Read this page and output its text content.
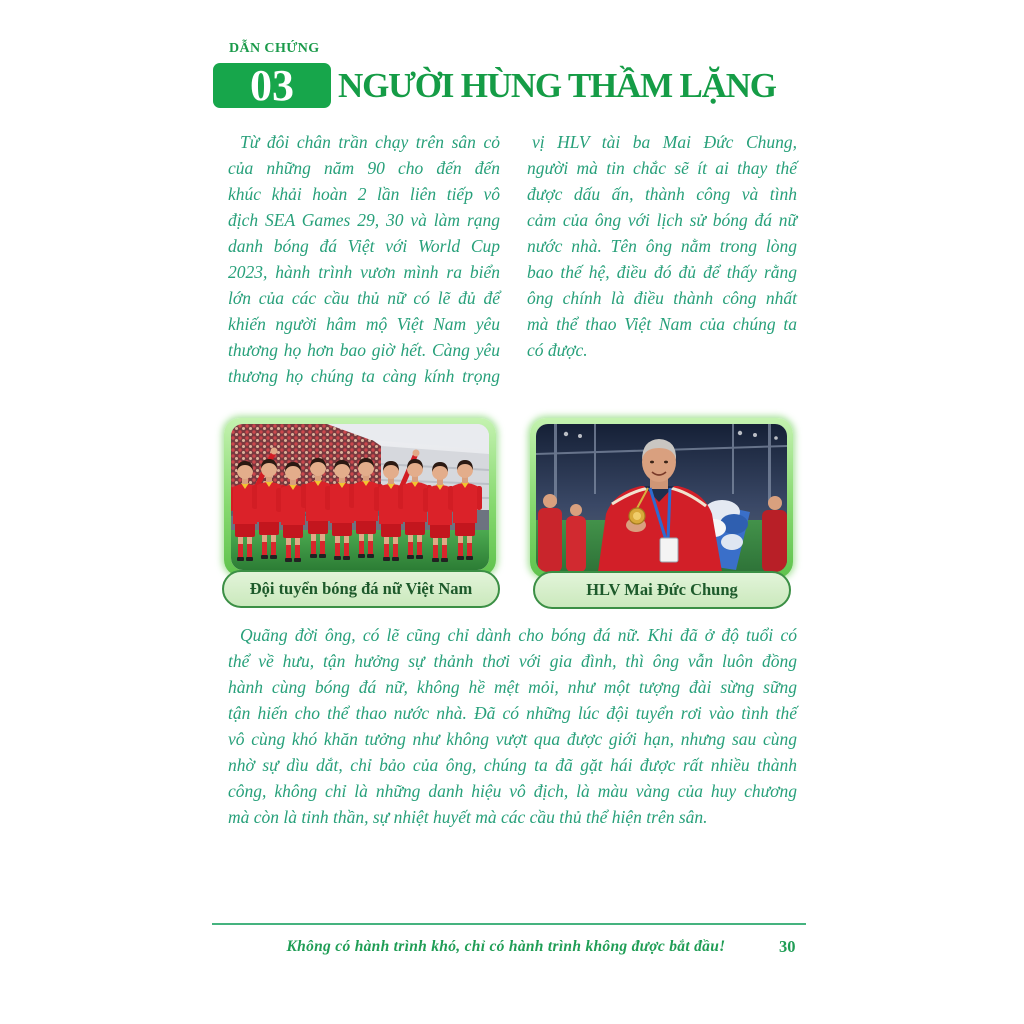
DẪN CHỨNG
03	NGƯỜI HÙNG THẦM LẶNG
Từ đôi chân trần chạy trên sân cỏ
của những năm 90 cho đến đến
khúc khải hoàn 2 lần liên tiếp vô
địch SEA Games 29, 30 và làm rạng
danh bóng đá Việt với World Cup
2023, hành trình vươn mình ra biển
lớn của các cầu thủ nữ có lẽ đủ để
khiến người hâm mộ Việt Nam yêu
thương họ hơn bao giờ hết. Càng yêu
thương họ chúng ta càng kính trọng
vị HLV tài ba Mai Đức Chung,
người mà tin chắc sẽ ít ai thay thế
được dấu ấn, thành công và tình
cảm của ông với lịch sử bóng đá nữ
nước nhà. Tên ông nằm trong lòng
bao thế hệ, điều đó đủ để thấy rằng
ông chính là điều thành công nhất
mà thể thao Việt Nam của chúng ta
có được.
Đội tuyển bóng đá nữ Việt Nam	HLV Mai Đức Chung
Quãng đời ông, có lẽ cũng chỉ dành cho bóng đá nữ. Khi đã ở độ tuổi có
thể về hưu, tận hưởng sự thảnh thơi với gia đình, thì ông vẫn luôn đồng
hành cùng bóng đá nữ, không hề mệt mỏi, như một tượng đài sừng sững
tận hiến cho thể thao nước nhà. Đã có những lúc đội tuyển rơi vào tình thế
vô cùng khó khăn tưởng như không vượt qua được giới hạn, nhưng sau cùng
nhờ sự dìu dắt, chỉ bảo của ông, chúng ta đã gặt hái được rất nhiều thành
công, không chỉ là những danh hiệu vô địch, là màu vàng của huy chương
mà còn là tinh thần, sự nhiệt huyết mà các cầu thủ thể hiện trên sân.
Không có hành trình khó, chỉ có hành trình không được bắt đầu!	30
